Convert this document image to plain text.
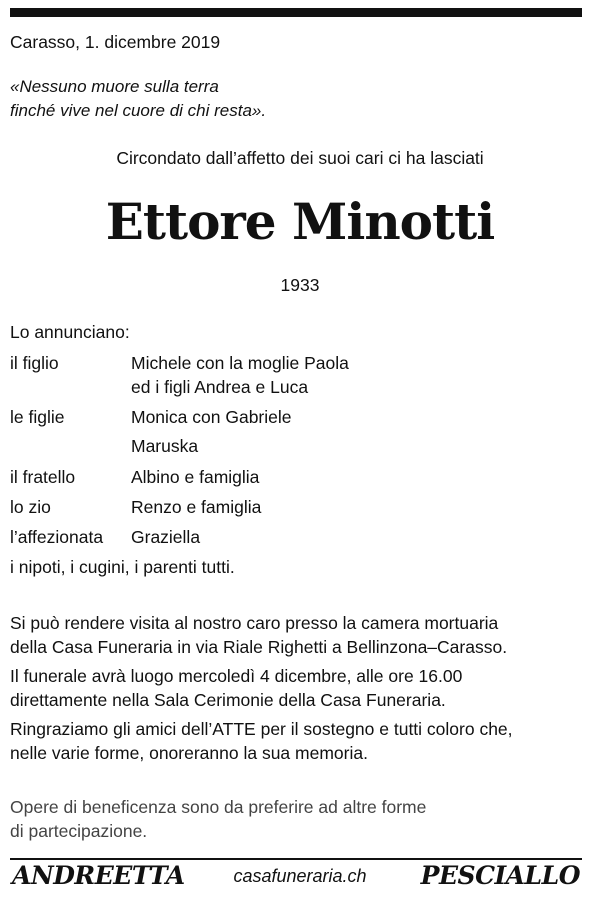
Carasso, 1. dicembre 2019
«Nessuno muore sulla terra
finché vive nel cuore di chi resta».
Circondato dall’affetto dei suoi cari ci ha lasciati
Ettore Minotti
1933
Lo annunciano:
il figlio	Michele con la moglie Paola
ed i figli Andrea e Luca
le figlie	Monica con Gabriele
Maruska
il fratello	Albino e famiglia
lo zio	Renzo e famiglia
l’affezionata Graziella
i nipoti, i cugini, i parenti tutti.
Si può rendere visita al nostro caro presso la camera mortuaria
della Casa Funeraria in via Riale Righetti a Bellinzona–Carasso.
Il funerale avrà luogo mercoledì 4 dicembre, alle ore 16.00
direttamente nella Sala Cerimonie della Casa Funeraria.
Ringraziamo gli amici dell’ATTE per il sostegno e tutti coloro che,
nelle varie forme, onoreranno la sua memoria.
Opere di beneficenza sono da preferire ad altre forme
di partecipazione.
ANDREETTA	casafuneraria.ch	PESCIALLO
